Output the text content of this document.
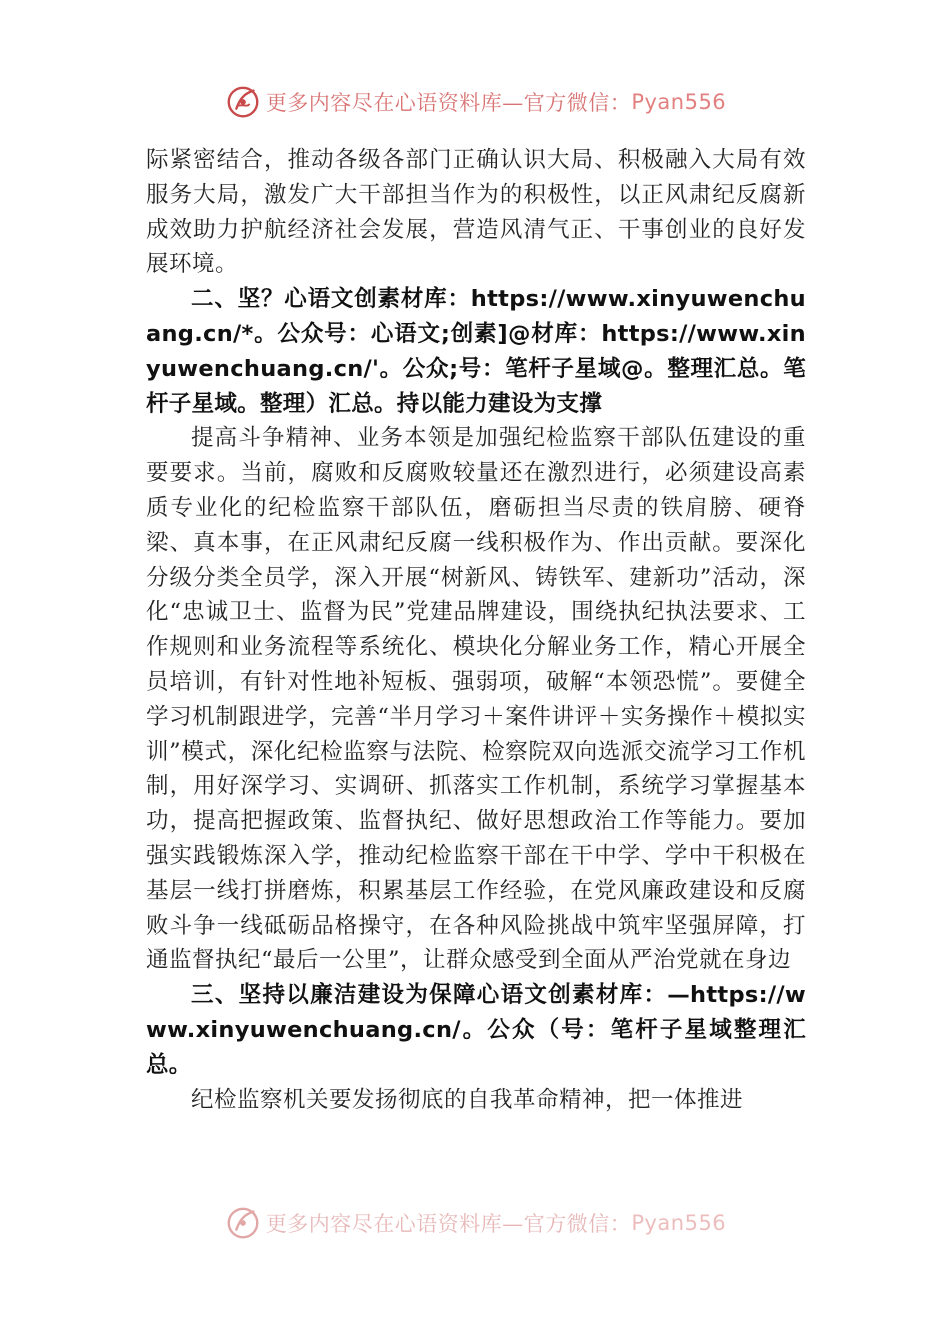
更多内容尽在心语资料库—官方微信： Pyan556

际紧密结合，推动各级各部门正确认识大局、积极融入大局有效服务大局，激发广大干部担当作为的积极性，以正风肃纪反腐新成效助力护航经济社会发展，营造风清气正、干事创业的良好发展环境。

二、坚？心语文创素材库：https://www.xinyuwenchuang.cn/*。公众号：心语文;创素]@材库：https://www.xinyuwenchuang.cn/'。公众;号：笔杆子星域@。整理汇总。笔杆子星域。整理）汇总。持以能力建设为支撑

提高斗争精神、业务本领是加强纪检监察干部队伍建设的重要要求。当前，腐败和反腐败较量还在激烈进行，必须建设高素质专业化的纪检监察干部队伍，磨砺担当尽责的铁肩膀、硬脊梁、真本事，在正风肃纪反腐一线积极作为、作出贡献。要深化分级分类全员学，深入开展“树新风、铸铁军、建新功”活动，深化“忠诚卫士、监督为民”党建品牌建设，围绕执纪执法要求、工作规则和业务流程等系统化、模块化分解业务工作，精心开展全员培训，有针对性地补短板、强弱项，破解“本领恐慌”。要健全学习机制跟进学，完善“半月学习＋案件讲评＋实务操作＋模拟实训”模式，深化纪检监察与法院、检察院双向选派交流学习工作机制，用好深学习、实调研、抓落实工作机制，系统学习掌握基本功，提高把握政策、监督执纪、做好思想政治工作等能力。要加强实践锻炼深入学，推动纪检监察干部在干中学、学中干积极在基层一线打拼磨炼，积累基层工作经验，在党风廉政建设和反腐败斗争一线砥砺品格操守，在各种风险挑战中筑牢坚强屏障，打通监督执纪“最后一公里”，让群众感受到全面从严治党就在身边

三、坚持以廉洁建设为保障心语文创素材库：—https://www.xinyuwenchuang.cn/。公众（号：笔杆子星域整理汇总。

纪检监察机关要发扬彻底的自我革命精神，把一体推进

更多内容尽在心语资料库—官方微信： Pyan556
